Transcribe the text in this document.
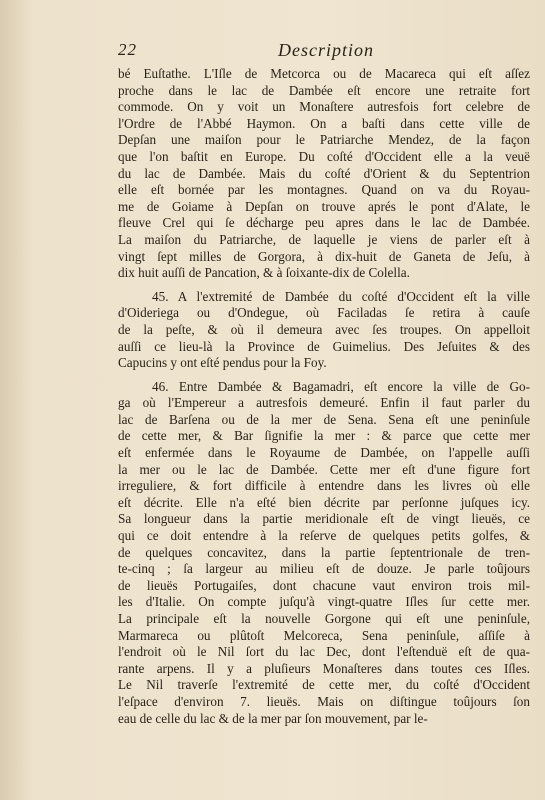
22	Description
bé Euſtathe. L'Iſle de Metcorca ou de Macareca qui eſt aſſez
proche dans le lac de Dambée eſt encore une retraite fort
commode. On y voit un Monaſtere autresfois fort celebre de
l'Ordre de l'Abbé Haymon. On a baſti dans cette ville de
Depſan une maiſon pour le Patriarche Mendez, de la façon
que l'on baſtit en Europe. Du coſté d'Occident elle a la veuë
du lac de Dambée. Mais du coſté d'Orient & du Septentrion
elle eſt bornée par les montagnes. Quand on va du Royau-
me de Goiame à Depſan on trouve aprés le pont d'Alate, le
fleuve Crel qui ſe décharge peu apres dans le lac de Dambée.
La maiſon du Patriarche, de laquelle je viens de parler eſt à
vingt ſept milles de Gorgora, à dix-huit de Ganeta de Jeſu, à
dix huit auſſi de Pancation, & à ſoixante-dix de Colella.
45. A l'extremité de Dambée du coſté d'Occident eſt la ville
d'Oideriega ou d'Ondegue, où Faciladas ſe retira à cauſe
de la peſte, & où il demeura avec ſes troupes. On appelloit
auſſi ce lieu-là la Province de Guimelius. Des Jeſuites & des
Capucins y ont eſté pendus pour la Foy.
46. Entre Dambée & Bagamadri, eſt encore la ville de Go-
ga où l'Empereur a autresfois demeuré. Enfin il faut parler du
lac de Barſena ou de la mer de Sena. Sena eſt une peninſule
de cette mer, & Bar ſignifie la mer : & parce que cette mer
eſt enfermée dans le Royaume de Dambée, on l'appelle auſſi
la mer ou le lac de Dambée. Cette mer eſt d'une figure fort
irreguliere, & fort difficile à entendre dans les livres où elle
eſt décrite. Elle n'a eſté bien décrite par perſonne juſques icy.
Sa longueur dans la partie meridionale eſt de vingt lieuës, ce
qui ce doit entendre à la reſerve de quelques petits golfes, &
de quelques concavitez, dans la partie ſeptentrionale de tren-
te-cinq ; ſa largeur au milieu eſt de douze. Je parle toûjours
de lieuës Portugaiſes, dont chacune vaut environ trois mil-
les d'Italie. On compte juſqu'à vingt-quatre Iſles ſur cette mer.
La principale eſt la nouvelle Gorgone qui eſt une peninſule,
Marmareca ou plûtoſt Melcoreca, Sena peninſule, aſſiſe à
l'endroit où le Nil ſort du lac Dec, dont l'eſtenduë eſt de qua-
rante arpens. Il y a pluſieurs Monaſteres dans toutes ces Iſles.
Le Nil traverſe l'extremité de cette mer, du coſté d'Occident
l'eſpace d'environ 7. lieuës. Mais on diſtingue toûjours ſon
eau de celle du lac & de la mer par ſon mouvement, par le-
